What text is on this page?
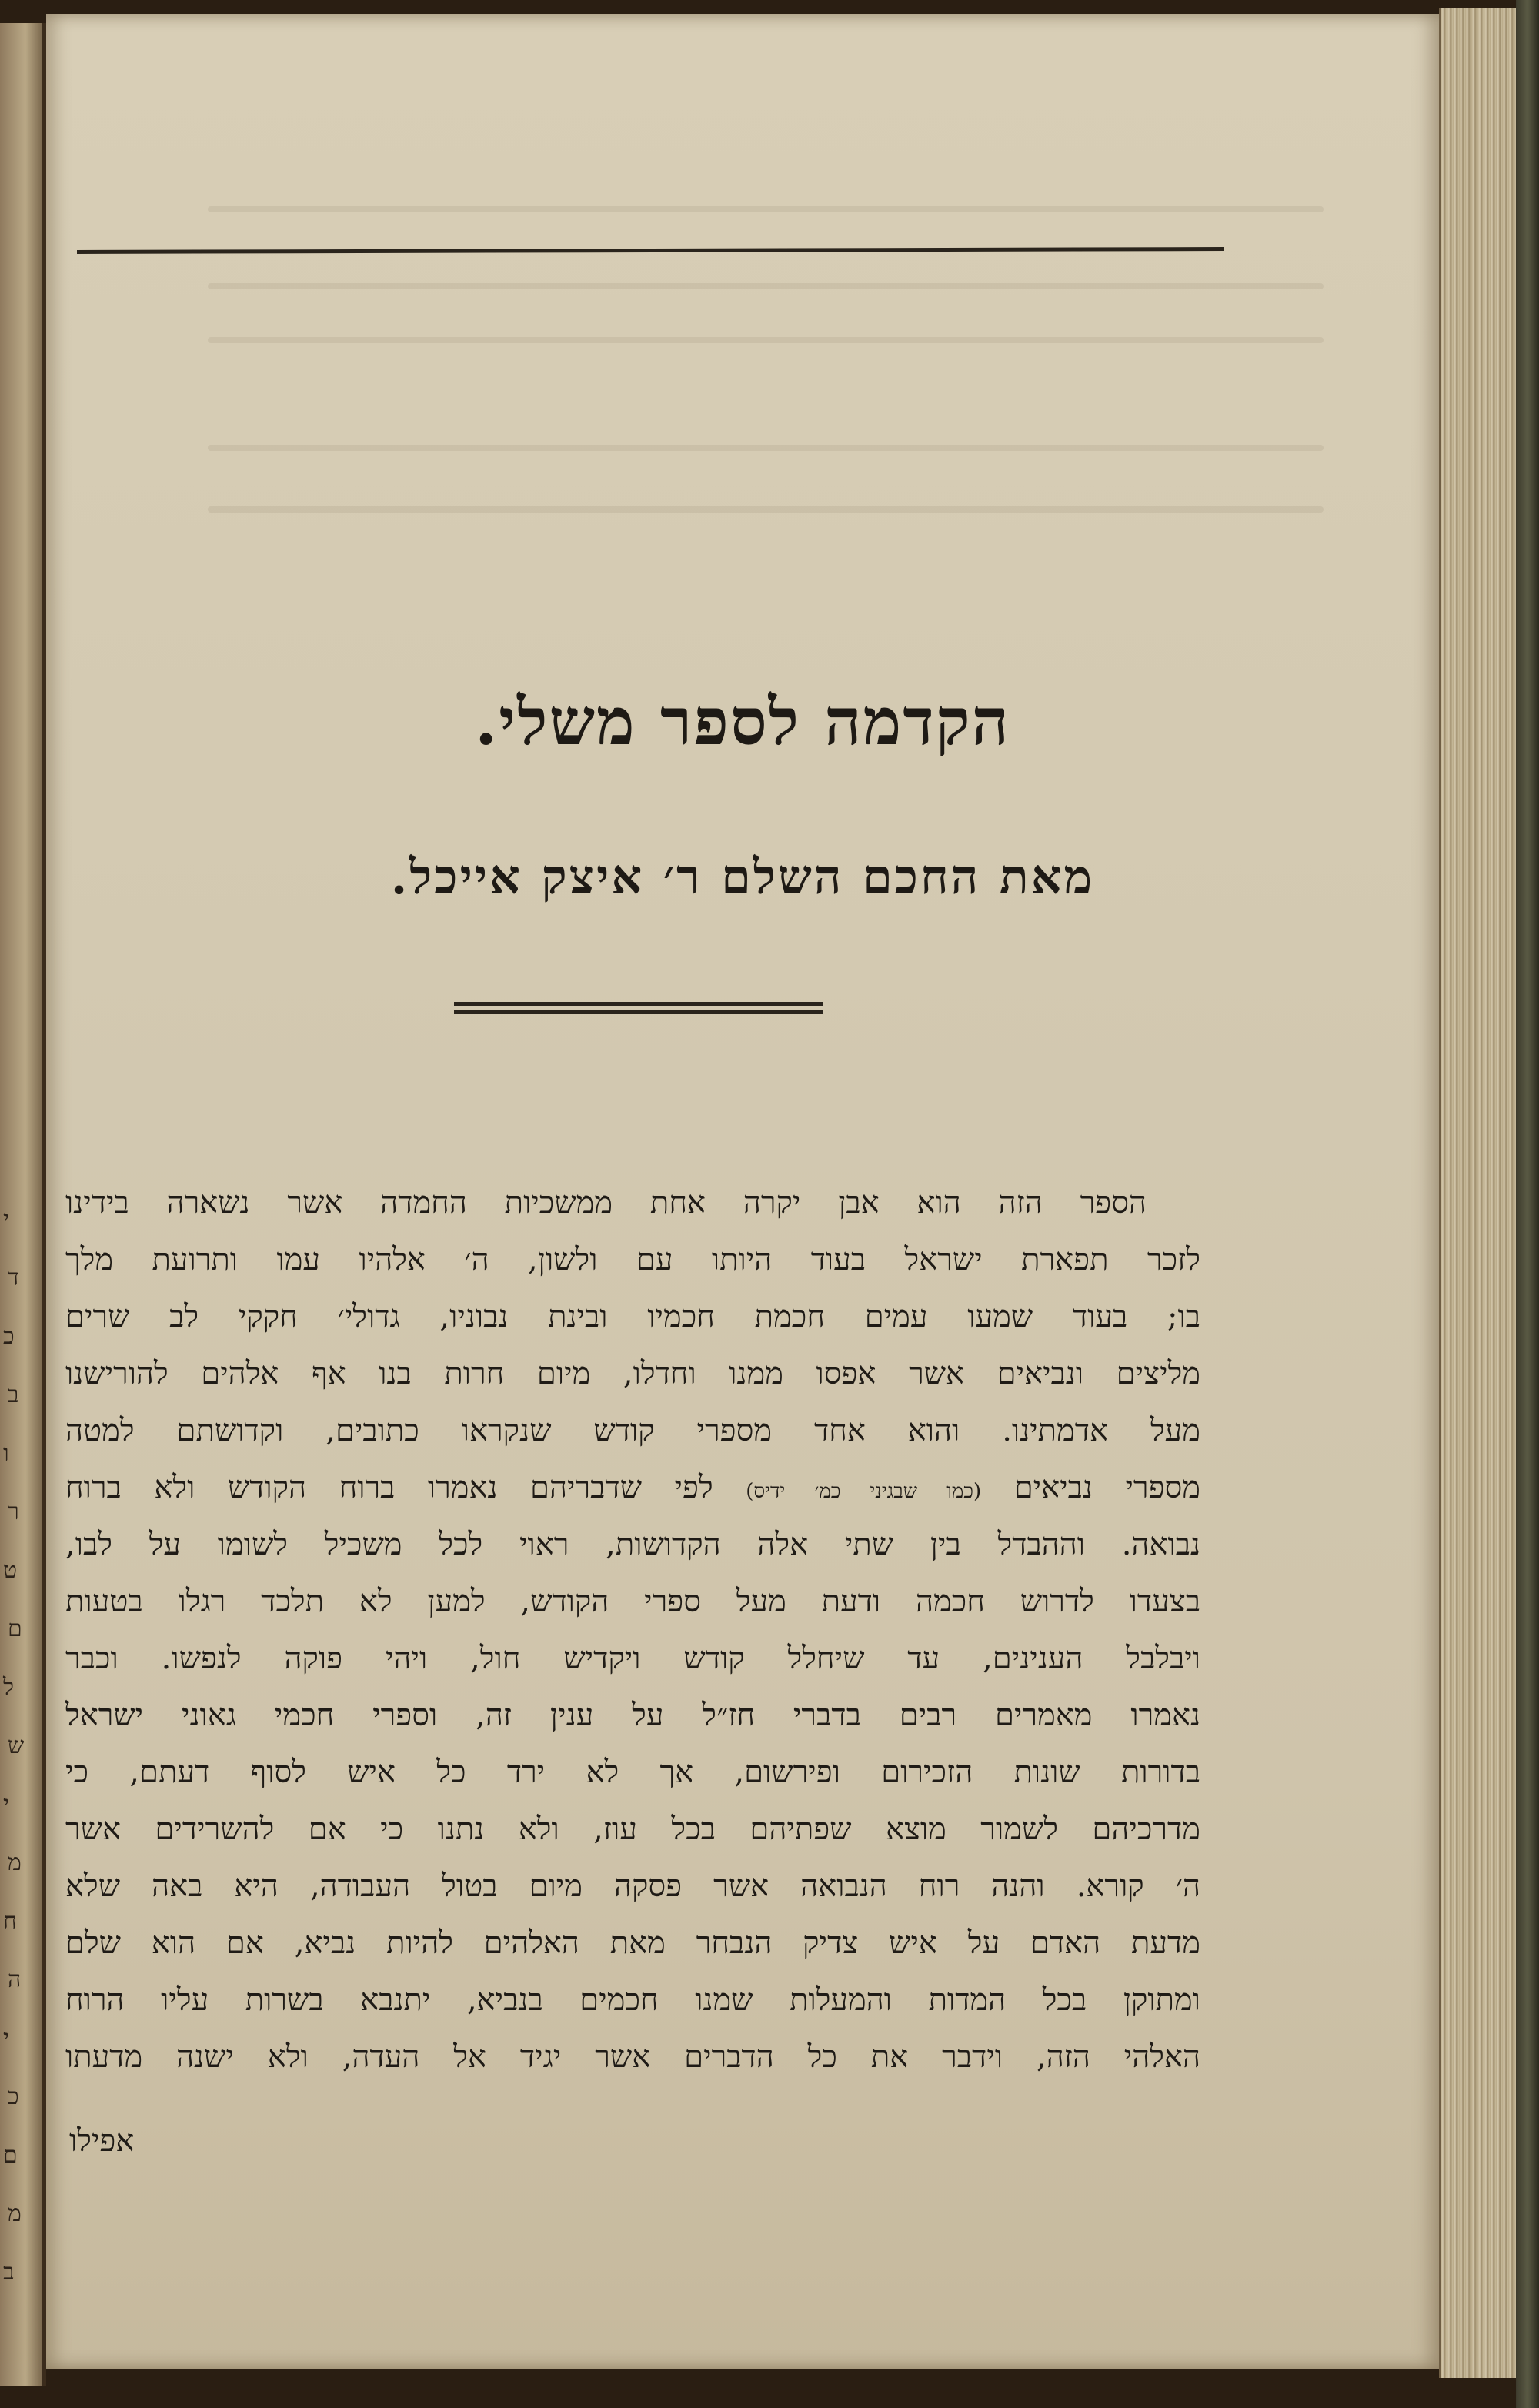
י
ד
כ
ב
ו
ר
ט
ם
ל
ש
י
מ
ח
ה
י
כ
ם
מ
ב
הקדמה לספר משלי.
מאת החכם השלם ר׳ איצק אייכל.
הספר הזה הוא אבן יקרה אחת ממשכיות החמדה אשר נשארה בידינו
לזכר תפארת ישראל בעוד היותו עם ולשון, ה׳ אלהיו עמו ותרועת מלך
בו; בעוד שמעו עמים חכמת חכמיו ובינת נבוניו, גדולי׳ חקקי לב שרים
מליצים ונביאים אשר אפסו ממנו וחדלו, מיום חרות בנו אף אלהים להורישנו
מעל אדמתינו. והוא אחד מספרי קודש שנקראו כתובים, וקדושתם למטה
מספרי נביאים (כמו שבגיני כמ׳ ידיס) לפי שדבריהם נאמרו ברוח הקודש ולא ברוח
נבואה. וההבדל בין שתי אלה הקדושות, ראוי לכל משכיל לשומו על לבו,
בצעדו לדרוש חכמה ודעת מעל ספרי הקודש, למען לא תלכד רגלו בטעות
ויבלבל הענינים, עד שיחלל קודש ויקדיש חול, ויהי פוקה לנפשו. וכבר
נאמרו מאמרים רבים בדברי חז״ל על ענין זה, וספרי חכמי גאוני ישראל
בדורות שונות הזכירום ופירשום, אך לא ירד כל איש לסוף דעתם, כי
מדרכיהם לשמור מוצא שפתיהם בכל עוז, ולא נתנו כי אם להשרידים אשר
ה׳ קורא. והנה רוח הנבואה אשר פסקה מיום בטול העבודה, היא באה שלא
מדעת האדם על איש צדיק הנבחר מאת האלהים להיות נביא, אם הוא שלם
ומתוקן בכל המדות והמעלות שמנו חכמים בנביא, יתנבא בשרות עליו הרוח
האלהי הזה, וידבר את כל הדברים אשר יגיד אל העדה, ולא ישנה מדעתו
אפילו
